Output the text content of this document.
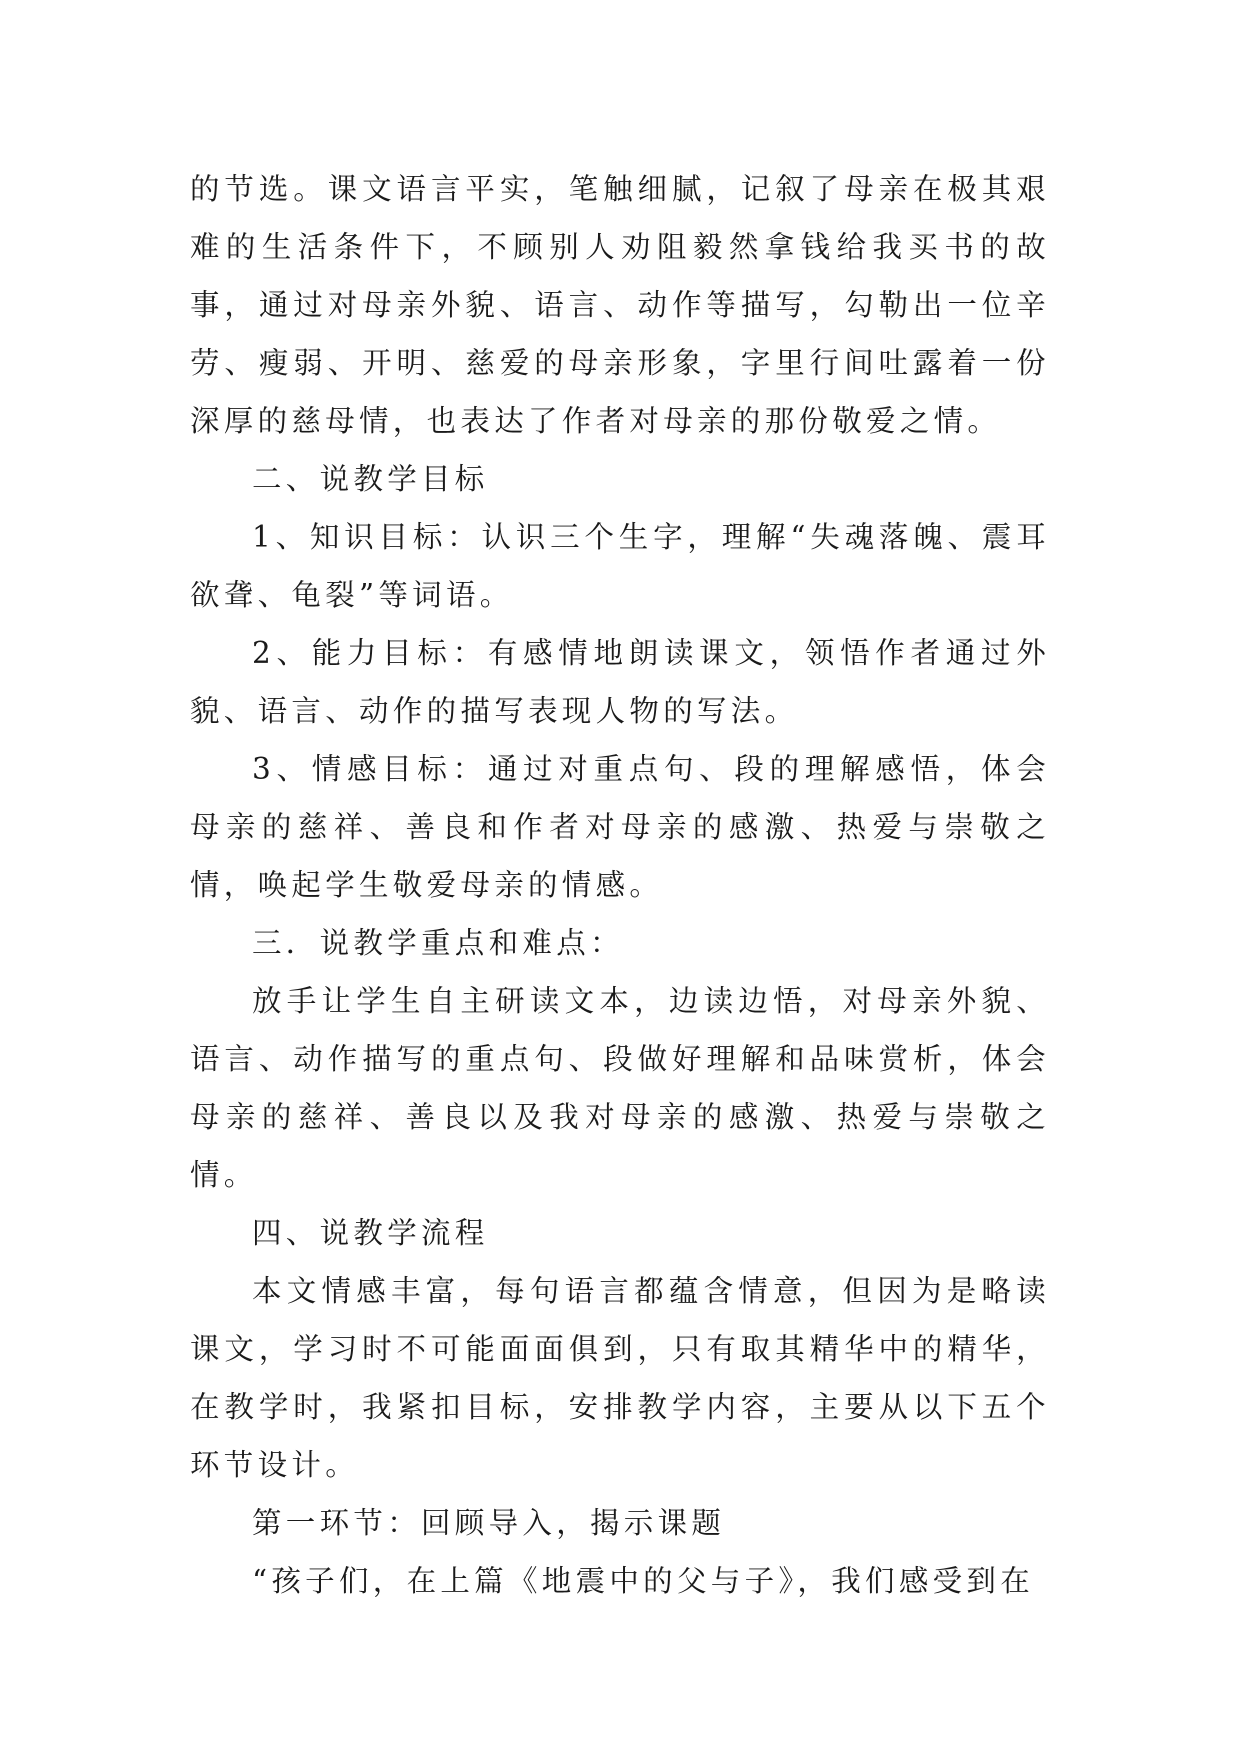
的节选。课文语言平实，笔触细腻，记叙了母亲在极其艰难的生活条件下，不顾别人劝阻毅然拿钱给我买书的故事，通过对母亲外貌、语言、动作等描写，勾勒出一位辛劳、瘦弱、开明、慈爱的母亲形象，字里行间吐露着一份深厚的慈母情，也表达了作者对母亲的那份敬爱之情。

二、说教学目标

1、知识目标：认识三个生字，理解“失魂落魄、震耳欲聋、龟裂”等词语。

2、能力目标：有感情地朗读课文，领悟作者通过外貌、语言、动作的描写表现人物的写法。

3、情感目标：通过对重点句、段的理解感悟，体会母亲的慈祥、善良和作者对母亲的感激、热爱与崇敬之情，唤起学生敬爱母亲的情感。

三．说教学重点和难点：

放手让学生自主研读文本，边读边悟，对母亲外貌、语言、动作描写的重点句、段做好理解和品味赏析，体会母亲的慈祥、善良以及我对母亲的感激、热爱与崇敬之情。

四、说教学流程

本文情感丰富，每句语言都蕴含情意，但因为是略读课文，学习时不可能面面俱到，只有取其精华中的精华，在教学时，我紧扣目标，安排教学内容，主要从以下五个环节设计。

第一环节：回顾导入，揭示课题

“孩子们，在上篇《地震中的父与子》，我们感受到在
